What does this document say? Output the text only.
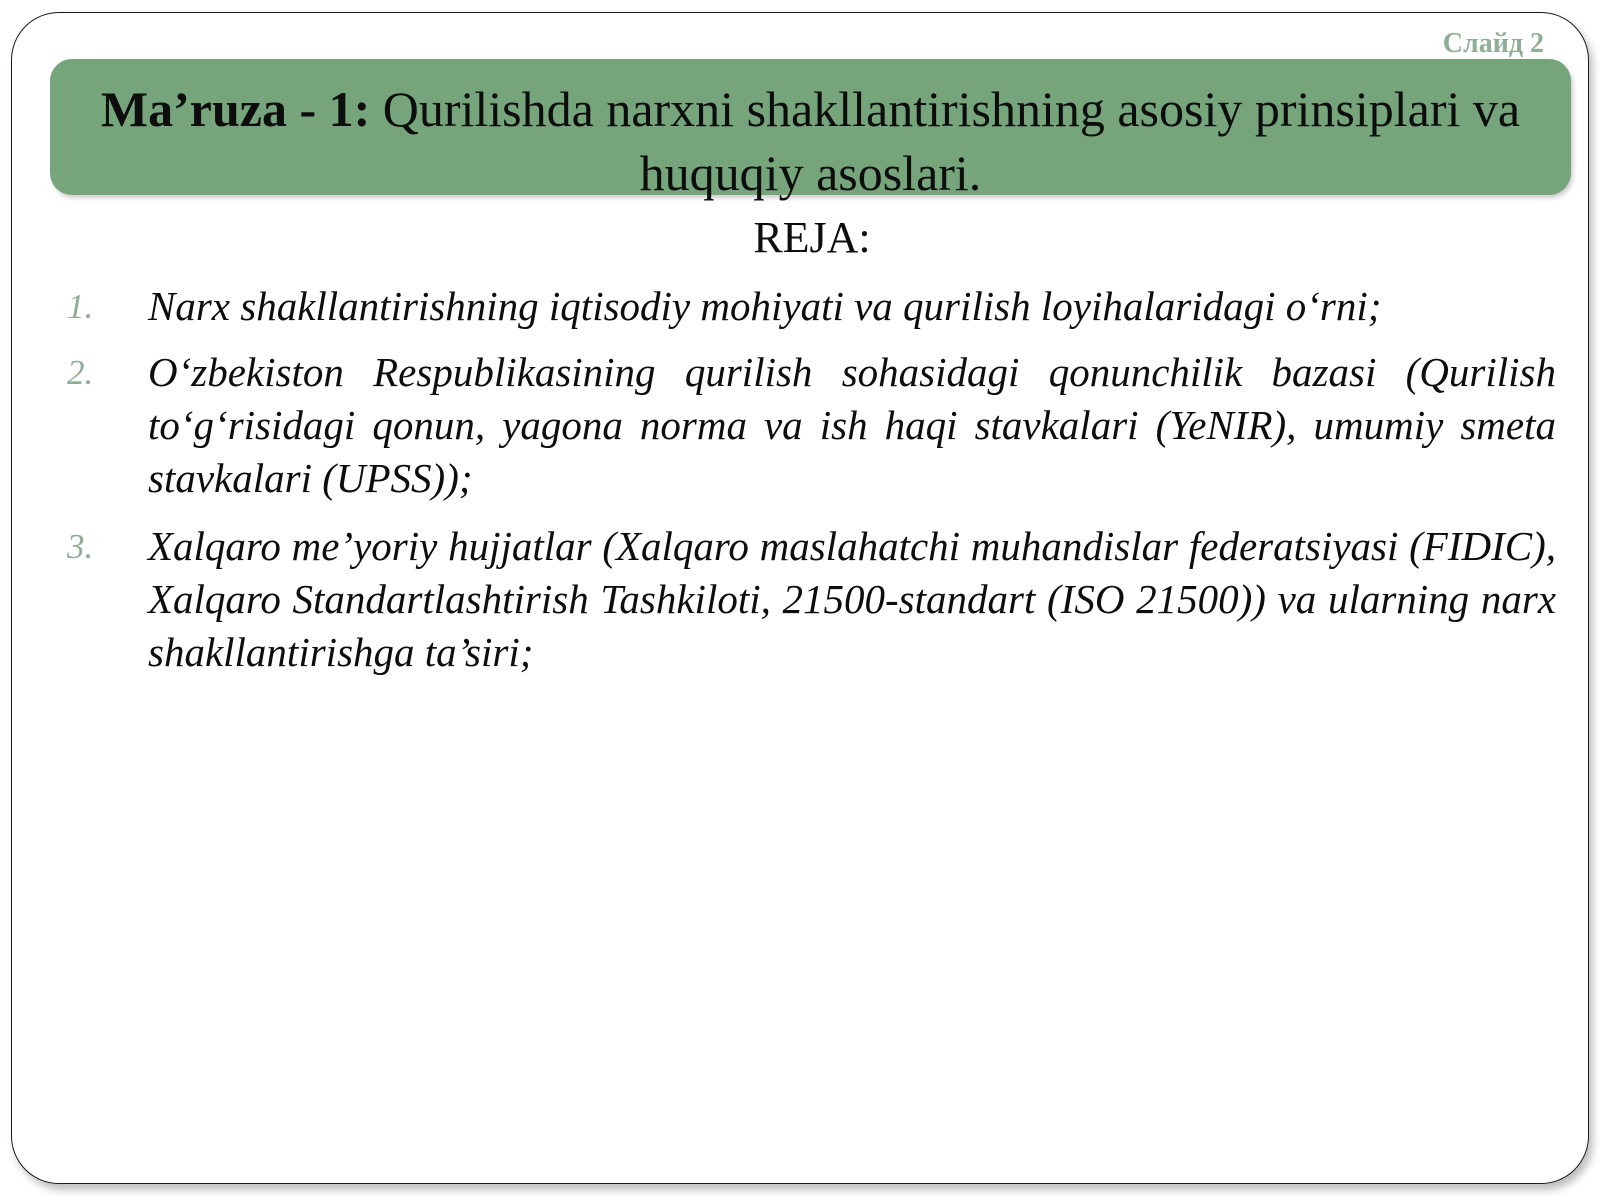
Слайд 2
Ma’ruza - 1: Qurilishda narxni shakllantirishning asosiy prinsiplari va huquqiy asoslari.
REJA:
1. Narx shakllantirishning iqtisodiy mohiyati va qurilish loyihalaridagi o‘rni;
2. O‘zbekiston Respublikasining qurilish sohasidagi qonunchilik bazasi (Qurilish to‘g‘risidagi qonun, yagona norma va ish haqi stavkalari (YeNIR), umumiy smeta stavkalari (UPSS));
3. Xalqaro me’yoriy hujjatlar (Xalqaro maslahatchi muhandislar federatsiyasi (FIDIC), Xalqaro Standartlashtirish Tashkiloti, 21500-standart (ISO 21500)) va ularning narx shakllantirishga ta’siri;
